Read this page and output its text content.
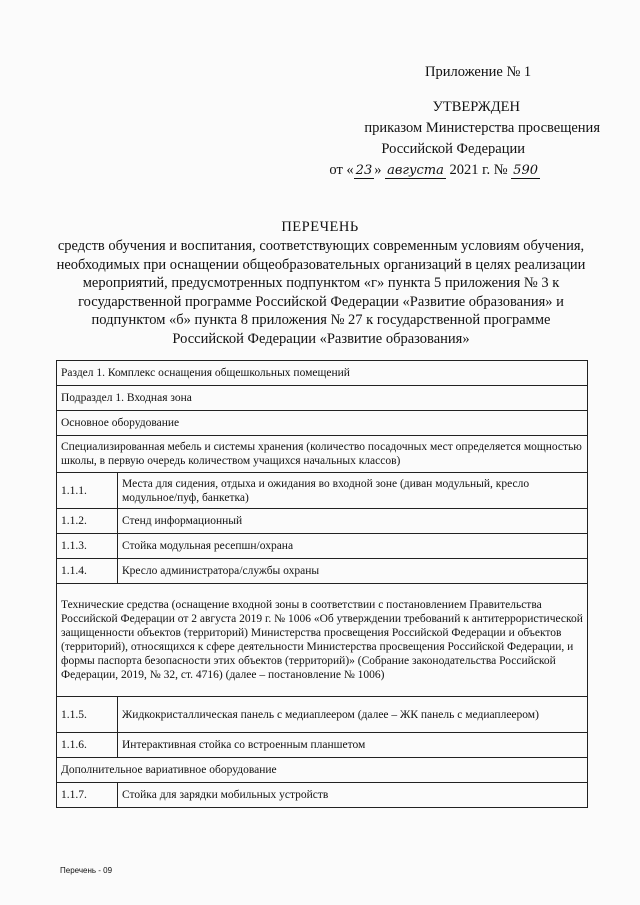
Приложение № 1
УТВЕРЖДЕН
приказом Министерства просвещения
Российской Федерации
от « 23 » августа 2021 г. № 590
ПЕРЕЧЕНЬ
средств обучения и воспитания, соответствующих современным условиям обучения, необходимых при оснащении общеобразовательных организаций в целях реализации мероприятий, предусмотренных подпунктом «г» пункта 5 приложения № 3 к государственной программе Российской Федерации «Развитие образования» и подпунктом «б» пункта 8 приложения № 27 к государственной программе Российской Федерации «Развитие образования»
Раздел 1. Комплекс оснащения общешкольных помещений	
Подраздел 1. Входная зона	
Основное оборудование	
Специализированная мебель и системы хранения (количество посадочных мест определяется мощностью школы, в первую очередь количеством учащихся начальных классов)	
1.1.1.	Места для сидения, отдыха и ожидания во входной зоне (диван модульный, кресло модульное/пуф, банкетка)
1.1.2.	Стенд информационный
1.1.3.	Стойка модульная ресепшн/охрана
1.1.4.	Кресло администратора/службы охраны
Технические средства (оснащение входной зоны в соответствии с постановлением Правительства Российской Федерации от 2 августа 2019 г. № 1006 «Об утверждении требований к антитеррористической защищенности объектов (территорий) Министерства просвещения Российской Федерации и объектов (территорий), относящихся к сфере деятельности Министерства просвещения Российской Федерации, и формы паспорта безопасности этих объектов (территорий)» (Собрание законодательства Российской Федерации, 2019, № 32, ст. 4716) (далее – постановление № 1006)	
1.1.5.	Жидкокристаллическая панель с медиаплеером (далее – ЖК панель с медиаплеером)
1.1.6.	Интерактивная стойка со встроенным планшетом
Дополнительное вариативное оборудование	
1.1.7.	Стойка для зарядки мобильных устройств
Перечень - 09
